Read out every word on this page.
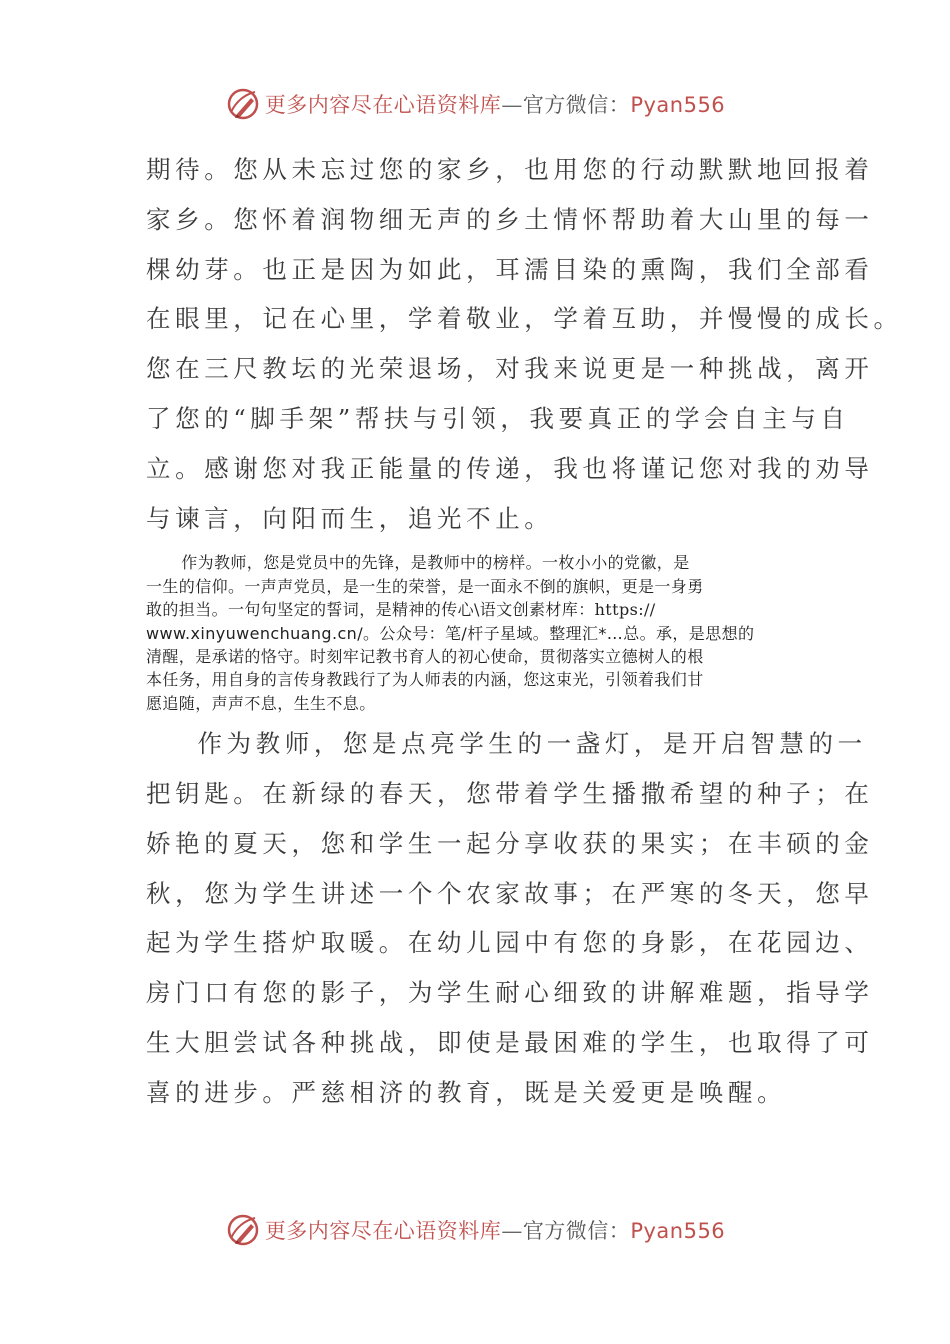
更多内容尽在心语资料库—官方微信：Pyan556

期待。您从未忘过您的家乡，也用您的行动默默地回报着
家乡。您怀着润物细无声的乡土情怀帮助着大山里的每一
棵幼芽。也正是因为如此，耳濡目染的熏陶，我们全部看
在眼里，记在心里，学着敬业，学着互助，并慢慢的成长。
您在三尺教坛的光荣退场，对我来说更是一种挑战，离开
了您的“脚手架”帮扶与引领，我要真正的学会自主与自
立。感谢您对我正能量的传递，我也将谨记您对我的劝导
与谏言，向阳而生，追光不止。

作为教师，您是党员中的先锋，是教师中的榜样。一枚小小的党徽，是
一生的信仰。一声声党员，是一生的荣誉，是一面永不倒的旗帜，更是一身勇
敢的担当。一句句坚定的誓词，是精神的传心\语文创素材库：https://
www.xinyuwenchuang.cn/。公众号：笔/杆子星域。整理汇*…总。承，是思想的
清醒，是承诺的恪守。时刻牢记教书育人的初心使命，贯彻落实立德树人的根
本任务，用自身的言传身教践行了为人师表的内涵，您这束光，引领着我们甘
愿追随，声声不息，生生不息。

作为教师，您是点亮学生的一盏灯，是开启智慧的一
把钥匙。在新绿的春天，您带着学生播撒希望的种子；在
娇艳的夏天，您和学生一起分享收获的果实；在丰硕的金
秋，您为学生讲述一个个农家故事；在严寒的冬天，您早
起为学生搭炉取暖。在幼儿园中有您的身影，在花园边、
房门口有您的影子，为学生耐心细致的讲解难题，指导学
生大胆尝试各种挑战，即使是最困难的学生，也取得了可
喜的进步。严慈相济的教育，既是关爱更是唤醒。

更多内容尽在心语资料库—官方微信：Pyan556
